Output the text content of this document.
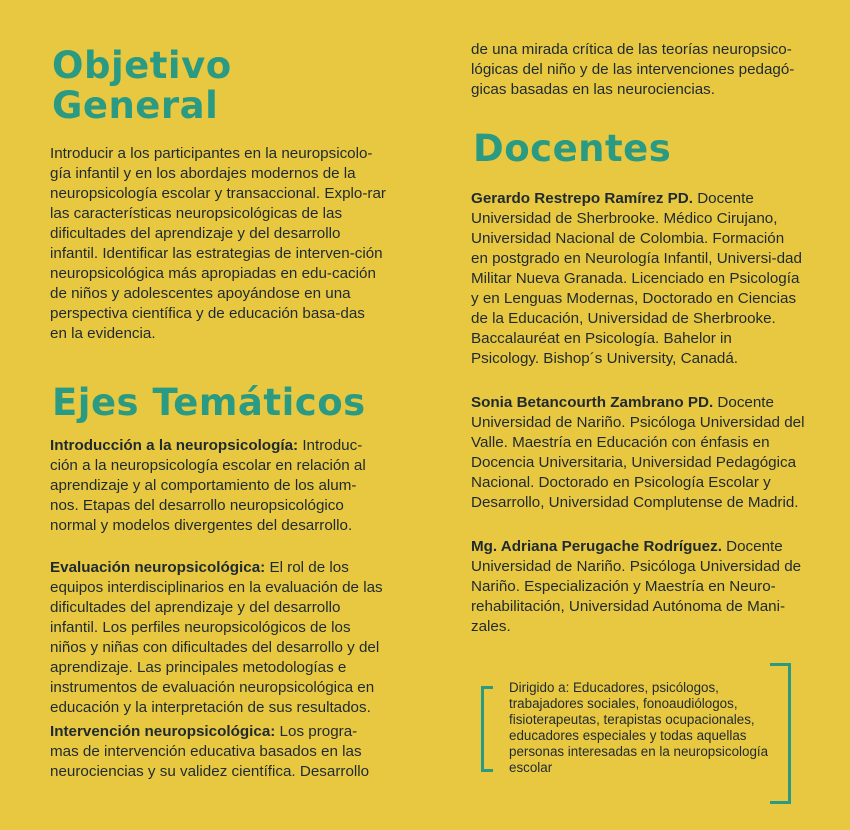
Objetivo
General

Introducir a los participantes en la neuropsicolo-gía infantil y en los abordajes modernos de la neuropsicología escolar y transaccional. Explo-rar las características neuropsicológicas de las dificultades del aprendizaje y del desarrollo infantil. Identificar las estrategias de interven-ción neuropsicológica más apropiadas en edu-cación de niños y adolescentes apoyándose en una perspectiva científica y de educación basa-das en la evidencia.

Ejes Temáticos

Introducción a la neuropsicología: Introduc-ción a la neuropsicología escolar en relación al aprendizaje y al comportamiento de los alum-nos. Etapas del desarrollo neuropsicológico normal y modelos divergentes del desarrollo.

Evaluación neuropsicológica: El rol de los equipos interdisciplinarios en la evaluación de las dificultades del aprendizaje y del desarrollo infantil. Los perfiles neuropsicológicos de los niños y niñas con dificultades del desarrollo y del aprendizaje. Las principales metodologías e instrumentos de evaluación neuropsicológica en educación y la interpretación de sus resultados.

Intervención neuropsicológica: Los progra-mas de intervención educativa basados en las neurociencias y su validez científica. Desarrollo

de una mirada crítica de las teorías neuropsico-lógicas del niño y de las intervenciones pedagó-gicas basadas en las neurociencias.

Docentes

Gerardo Restrepo Ramírez PD. Docente Universidad de Sherbrooke. Médico Cirujano, Universidad Nacional de Colombia. Formación en postgrado en Neurología Infantil, Universi-dad Militar Nueva Granada. Licenciado en Psicología y en Lenguas Modernas, Doctorado en Ciencias de la Educación, Universidad de Sherbrooke. Baccalauréat en Psicología. Bahelor in Psicology. Bishop´s University, Canadá.

Sonia Betancourth Zambrano PD. Docente Universidad de Nariño. Psicóloga Universidad del Valle. Maestría en Educación con énfasis en Docencia Universitaria, Universidad Pedagógica Nacional. Doctorado en Psicología Escolar y Desarrollo, Universidad Complutense de Madrid.

Mg. Adriana Perugache Rodríguez. Docente Universidad de Nariño. Psicóloga Universidad de Nariño. Especialización y Maestría en Neuro-rehabilitación, Universidad Autónoma de Mani-zales.

Dirigido a: Educadores, psicólogos, trabajadores sociales, fonoaudiólogos, fisioterapeutas, terapistas ocupacionales, educadores especiales y todas aquellas personas interesadas en la neuropsicología escolar
